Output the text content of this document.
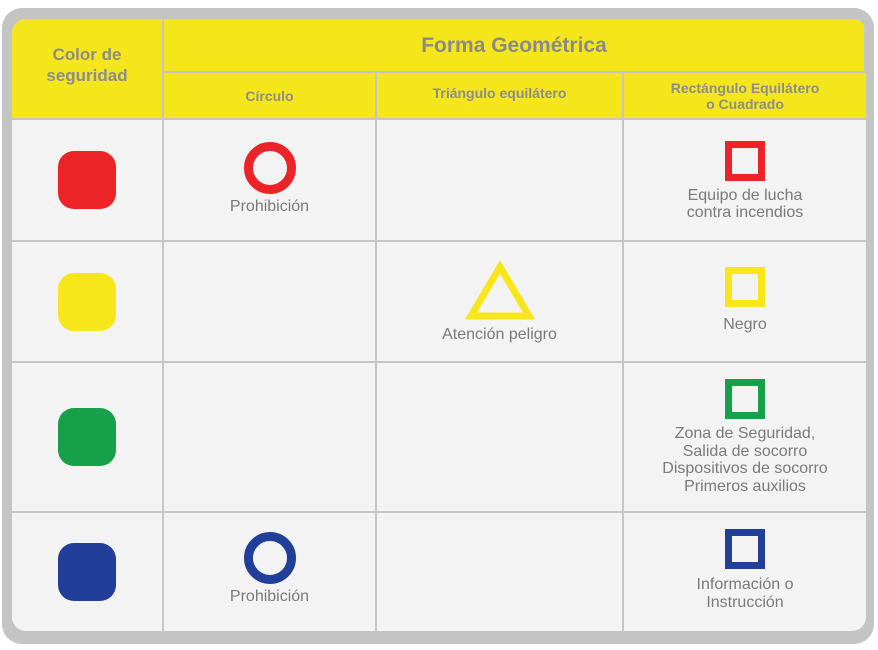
Color de
seguridad
Forma Geométrica
Círculo	Triángulo equilátero	Rectángulo Equilátero
o Cuadrado
Prohibición
Equipo de lucha
contra incendios
Atención peligro
Negro
Zona de Seguridad,
Salida de socorro
Dispositivos de socorro
Primeros auxilios
Prohibición
Información o
Instrucción
